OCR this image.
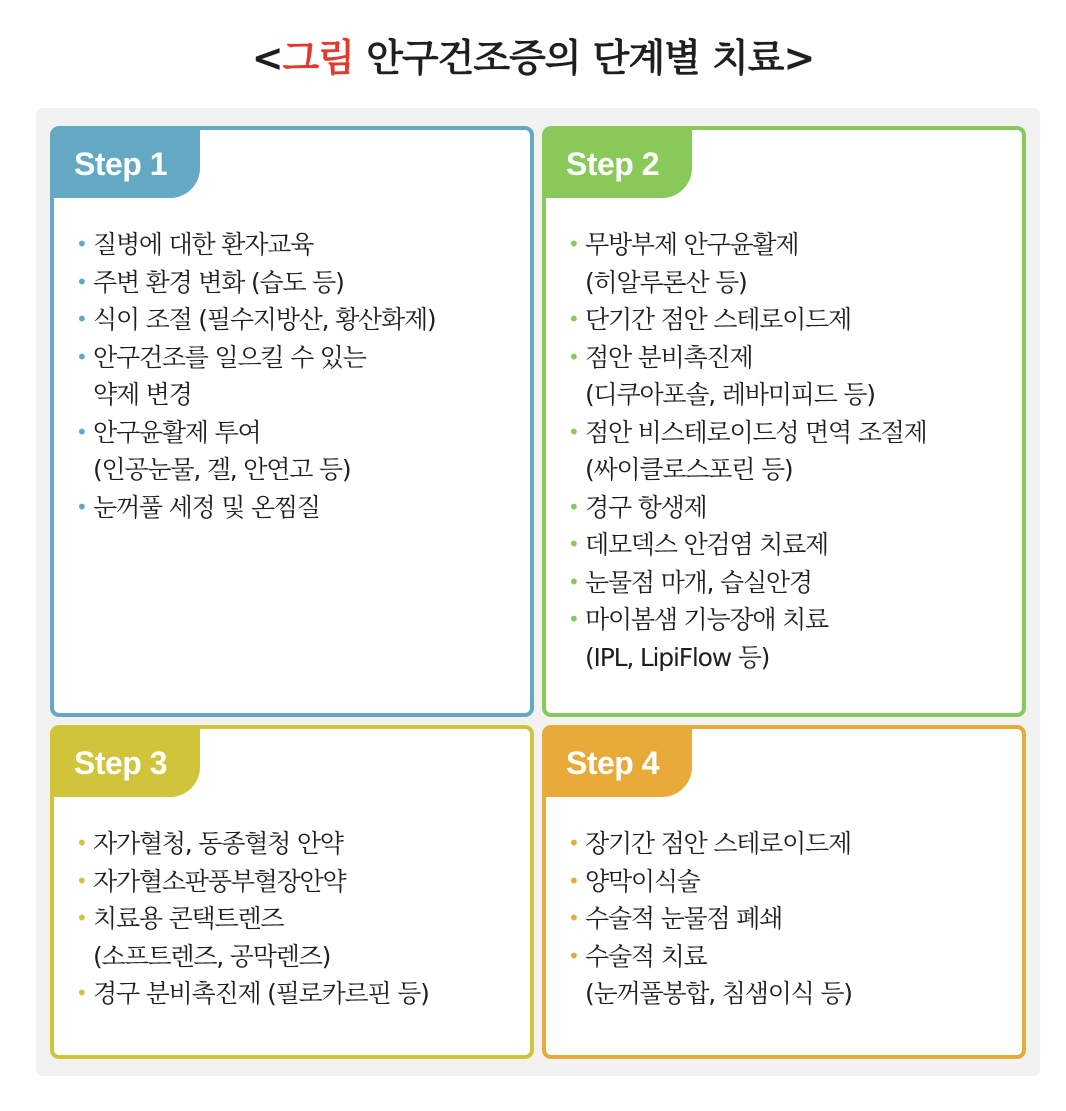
<그림 안구건조증의 단계별 치료>
Step 1
• 질병에 대한 환자교육
• 주변 환경 변화 (습도 등)
• 식이 조절 (필수지방산, 황산화제)
• 안구건조를 일으킬 수 있는
약제 변경
• 안구윤활제 투여
(인공눈물, 겔, 안연고 등)
• 눈꺼풀 세정 및 온찜질
Step 2
• 무방부제 안구윤활제
(히알루론산 등)
• 단기간 점안 스테로이드제
• 점안 분비촉진제
(디쿠아포솔, 레바미피드 등)
• 점안 비스테로이드성 면역 조절제
(싸이클로스포린 등)
• 경구 항생제
• 데모덱스 안검염 치료제
• 눈물점 마개, 습실안경
• 마이봄샘 기능장애 치료
(IPL, LipiFlow 등)
Step 3
• 자가혈청, 동종혈청 안약
• 자가혈소판풍부혈장안약
• 치료용 콘택트렌즈
(소프트렌즈, 공막렌즈)
• 경구 분비촉진제 (필로카르핀 등)
Step 4
• 장기간 점안 스테로이드제
• 양막이식술
• 수술적 눈물점 폐쇄
• 수술적 치료
(눈꺼풀봉합, 침샘이식 등)
